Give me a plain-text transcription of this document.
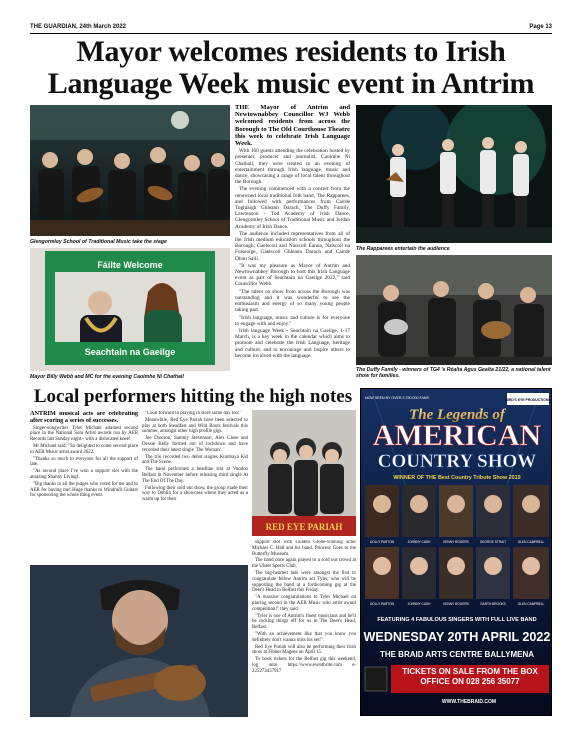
THE GUARDIAN, 24th March 2022	Page 13
Mayor welcomes residents to Irish Language Week music event in Antrim
Glengormley School of Traditional Music take the stage
Fáilte Welcome
Seachtain na Gaeilge
Mayor Billy Webb and MC for the evening Caoimhe Ní Chathail

THE Mayor of Antrim and Newtownabbey Councillor WJ Webb welcomed residents from across the Borough to The Old Courthouse Theatre this week to celebrate Irish Language Week.

With 160 guests attending the celebration hosted by presenter, producer and journalist, Caoimhe Ní Chathail, they were treated to an evening of entertainment through Irish language, music and dance, showcasing a range of local talent throughout the Borough.

The evening commenced with a concert from the renowned local traditional folk band, The Rapparees, and followed with performances from Cairde Toghlaigh Ghleann Darach, The Duffy Family, Lawrenson - Tod Academy of Irish Dance, Glengormley School of Traditional Music and Jordan Academy of Irish Dance.

The audience included representatives from all of the Irish medium education schools throughout the Borough; Gaelscoil and Naíscoil Éanna, Naíscoil na Fuiseoige, Gaelscoil Ghleann Darach and Cairde Dhun Sailí.

"It was my pleasure as Mayor of Antrim and Newtownabbey Borough to host this Irish Language event as part of Seachtain na Gaeilge 2022," said Councillor Webb.

"The talent on show from across the Borough was outstanding and it was wonderful to see the enthusiasm and energy of so many young people taking part.

"Irish language, music and culture is for everyone to engage with and enjoy."

Irish language Week - Seachtain na Gaeilge, 1-17 March, is a key week in the calendar which aims to promote and celebrate the Irish Language, heritage and culture, and to encourage and inspire others to become involved with the language.

The Rapparees entertain the audience
The Duffy Family - winners of TG4 's Réalta Agus Gealta 21/22, a national talent show for families.
Local performers hitting the high notes

ANTRIM musical acts are celebrating after scoring a series of successes.

Singer-songwriter Tyler Michael attained second place in the National Solo Artist awards run by AER Records last Sunday night - with a dislocated knee!

Mr Michael said: "So delighted to come second place in AER Music artist award 2022.

"Thanks so much to everyone for all the support of late.

"As second place I've won a support slot with the amazing Shanny Livingf.

"Big thanks to all the judges who voted for me and to AER for having me! Huge thanks to Windmill Guitars for sponsoring the whole thing event.

"Look forward to playing in store some day too!"

Meanwhile, Red Eye Pariah have been selected to play at both Steadfast and Wild Roots festivals this summer, amongst other high profile gigs.

Joe Dawson, Sammy Stevenson, Alex Close and Dessie Kelly formed out of lockdown and have recorded their latest single 'The Woman'.

The trio recorded two debut singles Kumbaya Kid and The Scene.

The band performed a headline slot at Voodoo Belfast in November before releasing third single At The End Of The Day.

Following their sold out show, the group made their way to Dublin for a showcase where they acted as a warm up for their

RED EYE PARIAH

support slot with Golden Globe-winning actor Michael C. Hall and his band, Princess Goes to the Butterfly Museum.

The band once again played to a sold out crowd at the Ulster Sports Club.

The big-hearted lads were amongst the first to congratulate fellow Antrim act Tyler, who will be supporting the band at a forthcoming gig at the Deer's Head in Belfast this Friday.

"A massive congratulations to Tyler Michael on placing second in the AER Music solo artist award competition!" they said.

"Tyler is one of Antrim's finest musicians and he'll be rocking things off for us in The Deer's Head, Belfast.

"With an achievement like that you know you definitely don't wanna miss his set!"

Red Eye Pariah will also be performing their Irish show at Fibber Magees on April 15.

To book tickets for the Belfast gig this weekend, log onto https://www.eventbrite.com e-225273437917

BIRD'S EYE PRODUCTIONS
NOW SEEN BY OVER 2,750,000 FANS
The Legends of
AMERICAN
COUNTRY SHOW
WINNER OF THE Best Country Tribute Show 2019
DOLLY PARTON	JOHNNY CASH	KENNY ROGERS	GEORGE STRAIT	GLEN CAMPBELL
DOLLY PARTON	JOHNNY CASH	KENNY ROGERS	GARTH BROOKS	GLEN CAMPBELL
FEATURING 4 FABULOUS SINGERS WITH FULL LIVE BAND
WEDNESDAY 20TH APRIL 2022
THE BRAID ARTS CENTRE BALLYMENA
TICKETS ON SALE FROM THE BOX OFFICE ON 028 256 35077
WWW.THEBRAID.COM
